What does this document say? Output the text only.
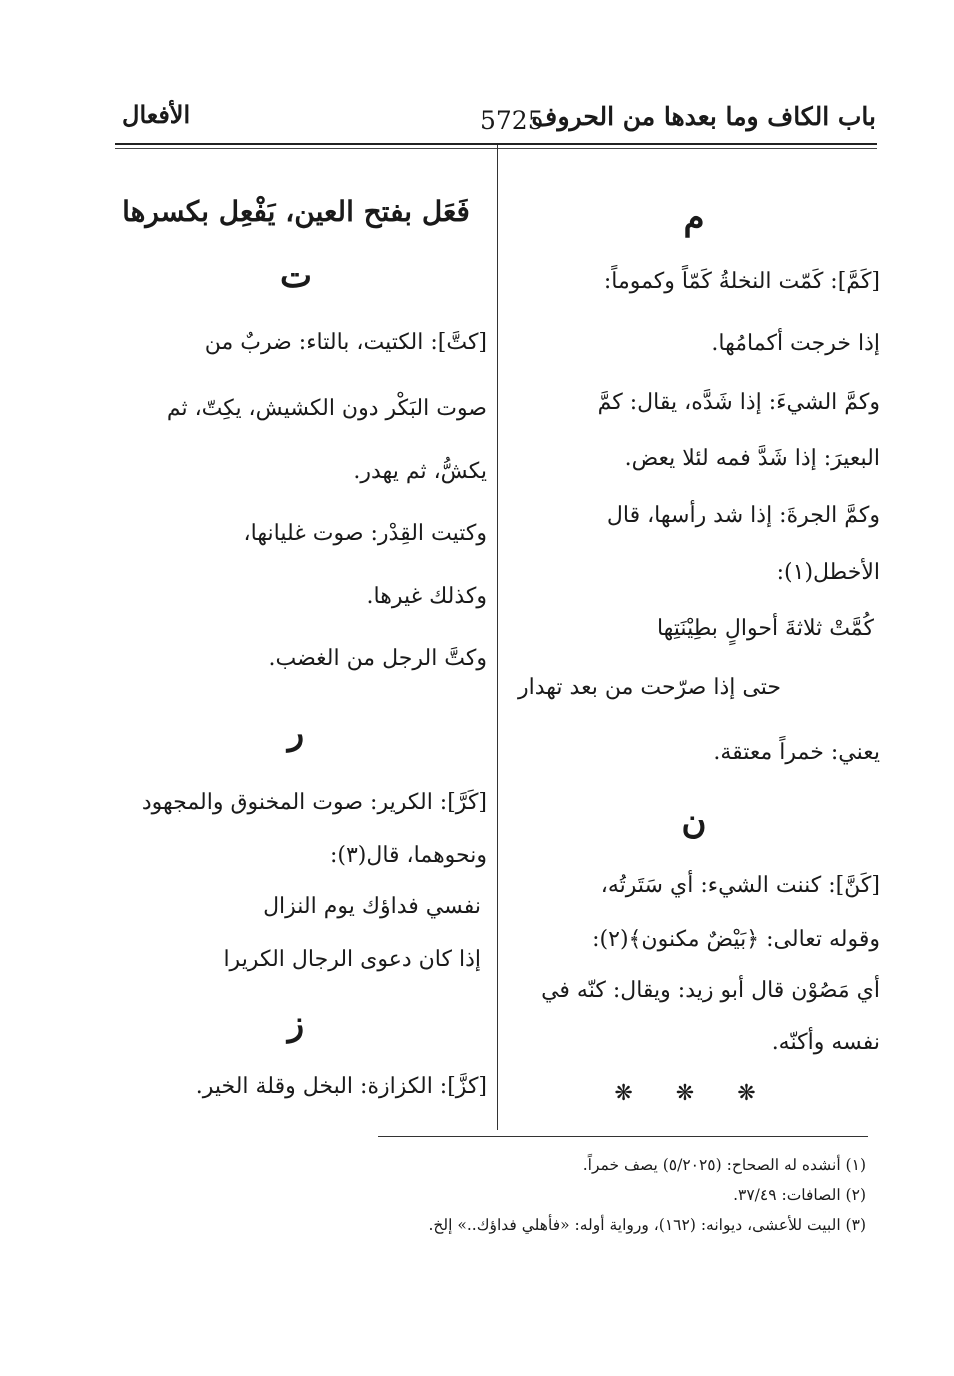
باب الكاف وما بعدها من الحروف
5725
الأفعال
م
[كَمَّ]: كَمّت النخلةُ كَمّاً وكموماً:
إذا خرجت أكمامُها.
وكمَّ الشيءَ: إذا شَدَّه، يقال: كمَّ
البعيرَ: إذا شَدَّ فمه لئلا يعض.
وكمَّ الجرةَ: إذا شد رأسها، قال
الأخطل(١):
كُمَّتْ ثلاثةَ أحوالٍ بطِيْنَتِها
حتى إذا صرّحت من بعد تهدار
يعني: خمراً معتقة.
ن
[كَنَّ]: كننت الشيء: أي سَتَرتُه،
وقوله تعالى: ﴿بَيْضٌ مكنون﴾(٢):
أي مَصُوْن قال أبو زيد: ويقال: كنّه في
نفسه وأكنّه.
❋ ❋ ❋
فَعَل بفتح العين، يَفْعِل بكسرها
ت
[كتَّ]: الكتيت، بالتاء: ضربٌ من
صوت البَكْر دون الكشيش، يكِتّ، ثم
يكشُّ، ثم يهدر.
وكتيت القِدْر: صوت غليانها،
وكذلك غيرها.
وكتَّ الرجل من الغضب.
ر
[كَرَّ]: الكرير: صوت المخنوق والمجهود
ونحوهما، قال(٣):
نفسي فداؤك يوم النزال
إذا كان دعوى الرجال الكريرا
ز
[كزَّ]: الكزازة: البخل وقلة الخير.
(١) أنشده له الصحاح: (٥/٢٠٢٥) يصف خمراً.
(٢) الصافات: ٣٧/٤٩.
(٣) البيت للأعشى، ديوانه: (١٦٢)، ورواية أوله: «فأهلي فداؤك..» إلخ.
